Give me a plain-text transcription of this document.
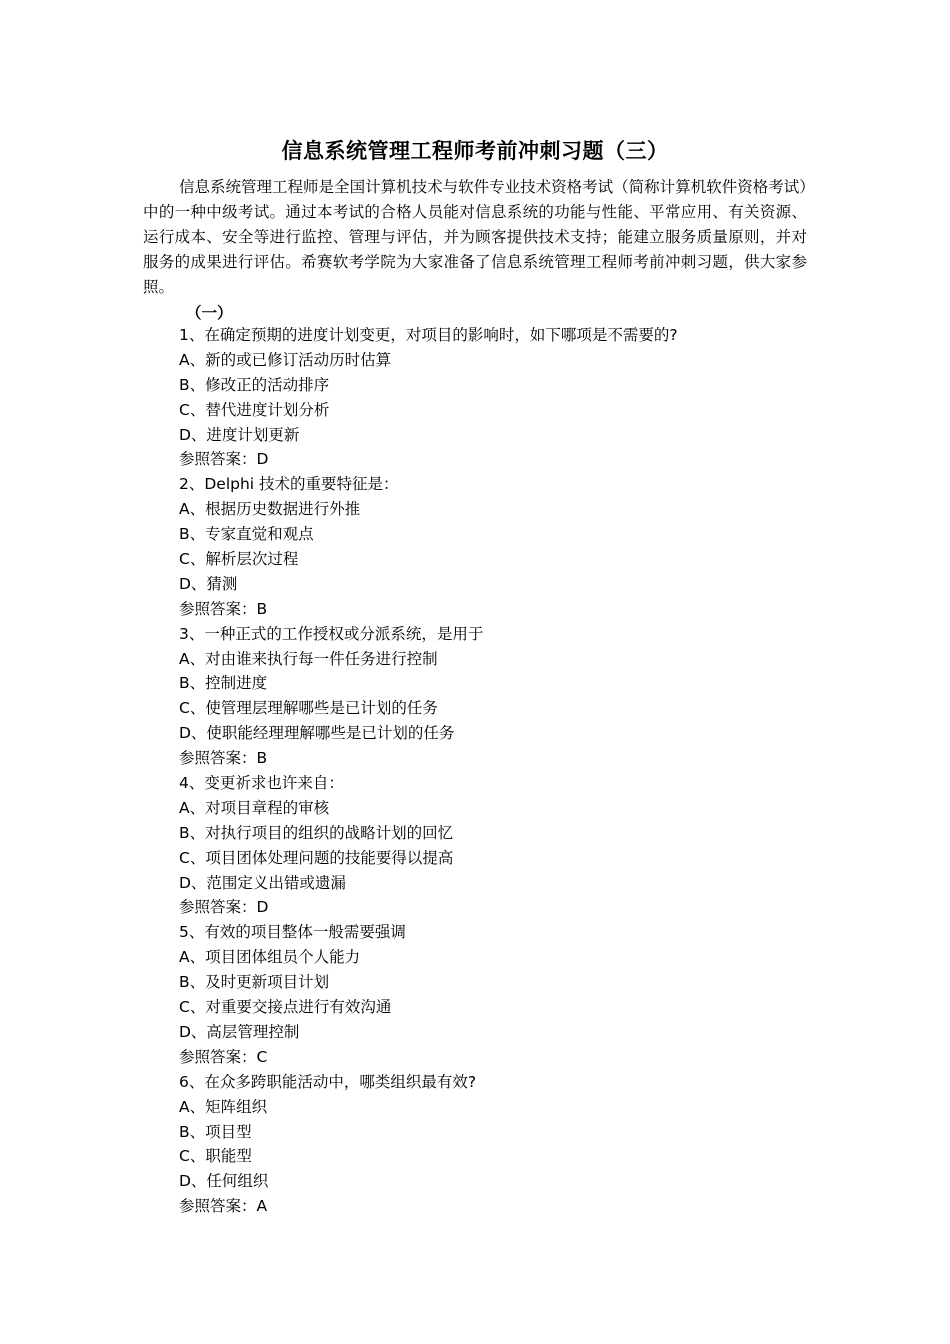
信息系统管理工程师考前冲刺习题（三）

信息系统管理工程师是全国计算机技术与软件专业技术资格考试（简称计算机软件资格考试）中的一种中级考试。通过本考试的合格人员能对信息系统的功能与性能、平常应用、有关资源、运行成本、安全等进行监控、管理与评估，并为顾客提供技术支持；能建立服务质量原则，并对服务的成果进行评估。希赛软考学院为大家准备了信息系统管理工程师考前冲刺习题，供大家参照。

（一）
1、在确定预期的进度计划变更，对项目的影响时，如下哪项是不需要的?
A、新的或已修订活动历时估算
B、修改正的活动排序
C、替代进度计划分析
D、进度计划更新
参照答案：D
2、Delphi 技术的重要特征是：
A、根据历史数据进行外推
B、专家直觉和观点
C、解析层次过程
D、猜测
参照答案：B
3、一种正式的工作授权或分派系统，是用于
A、对由谁来执行每一件任务进行控制
B、控制进度
C、使管理层理解哪些是已计划的任务
D、使职能经理理解哪些是已计划的任务
参照答案：B
4、变更祈求也许来自：
A、对项目章程的审核
B、对执行项目的组织的战略计划的回忆
C、项目团体处理问题的技能要得以提高
D、范围定义出错或遗漏
参照答案：D
5、有效的项目整体一般需要强调
A、项目团体组员个人能力
B、及时更新项目计划
C、对重要交接点进行有效沟通
D、高层管理控制
参照答案：C
6、在众多跨职能活动中，哪类组织最有效?
A、矩阵组织
B、项目型
C、职能型
D、任何组织
参照答案：A
